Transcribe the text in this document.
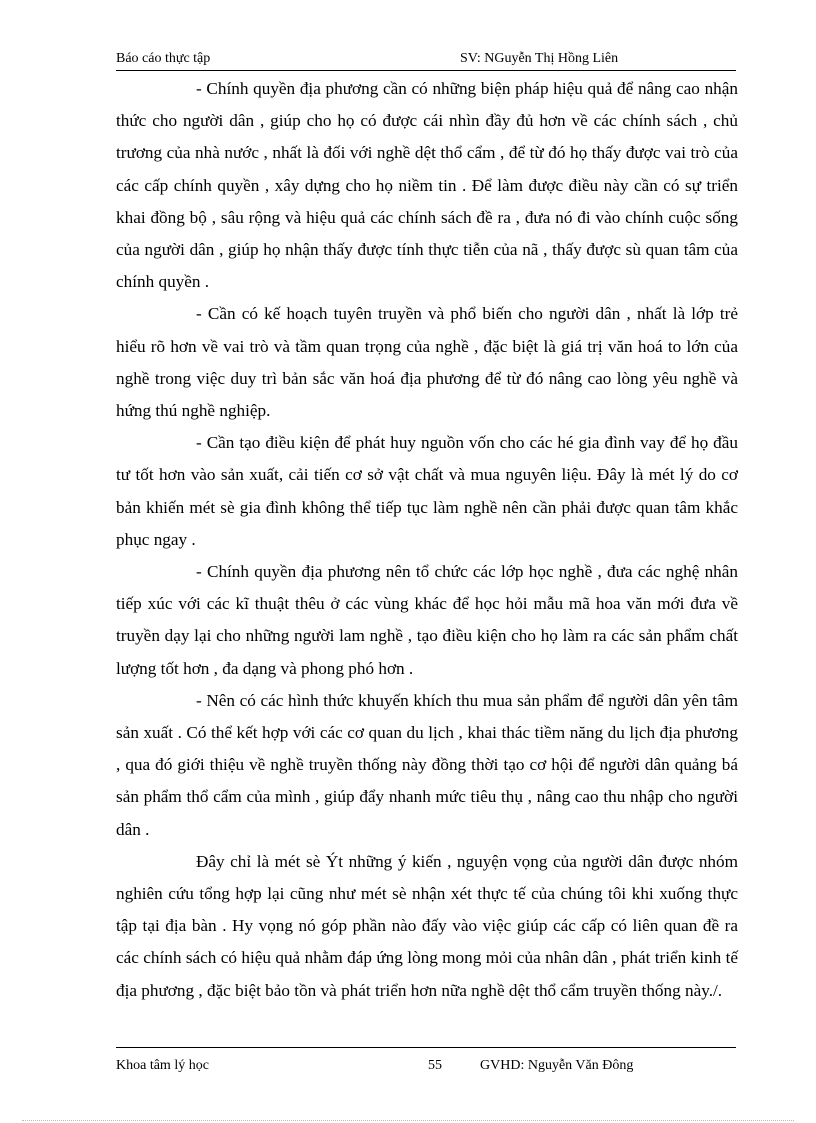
Báo cáo thực tập	SV: NGuyễn Thị Hồng Liên

- Chính quyền địa phương cần có những biện pháp hiệu quả để nâng cao nhận thức cho người dân , giúp cho họ có được cái nhìn đầy đủ hơn về các chính sách , chủ trương của nhà nước , nhất là đối với nghề dệt thổ cẩm , để từ đó họ thấy được vai trò của các cấp chính quyền , xây dựng cho họ niềm tin . Để làm được điều này cần có sự triển khai đồng bộ , sâu rộng và hiệu quả các chính sách đề ra , đưa nó đi vào chính cuộc sống của người dân , giúp họ nhận thấy được tính thực tiễn của nã , thấy được sù quan tâm của chính quyền .

- Cần có kế hoạch tuyên truyền và phổ biến cho người dân , nhất là lớp trẻ hiểu rõ hơn về vai trò và tầm quan trọng của nghề , đặc biệt là giá trị văn hoá to lớn của nghề trong việc duy trì bản sắc văn hoá địa phương để từ đó nâng cao lòng yêu nghề và hứng thú nghề nghiệp.

- Cần tạo điều kiện để phát huy nguồn vốn cho các hé gia đình vay để họ đầu tư tốt hơn vào sản xuất, cải tiến cơ sở vật chất và mua nguyên liệu. Đây là mét lý do cơ bản khiến mét sè gia đình không thể tiếp tục làm nghề nên cần phải được quan tâm khắc phục ngay .

- Chính quyền địa phương nên tổ chức các lớp học nghề , đưa các nghệ nhân tiếp xúc với các kĩ thuật thêu ở các vùng khác để học hỏi mẫu mã hoa văn mới đưa về truyền dạy lại cho những người lam nghề , tạo điều kiện cho họ làm ra các sản phẩm chất lượng tốt hơn , đa dạng và phong phó hơn .

- Nên có các hình thức khuyến khích thu mua sản phẩm để người dân yên tâm sản xuất . Có thể kết hợp với các cơ quan du lịch , khai thác tiềm năng du lịch địa phương , qua đó giới thiệu về nghề truyền thống này đồng thời tạo cơ hội để người dân quảng bá sản phẩm thổ cẩm của mình , giúp đẩy nhanh mức tiêu thụ , nâng cao thu nhập cho người dân .

Đây chỉ là mét sè Ýt những ý kiến , nguyện vọng của người dân được nhóm nghiên cứu tổng hợp lại cũng như mét sè nhận xét thực tế của chúng tôi khi xuống thực tập tại địa bàn . Hy vọng nó góp phần nào đấy vào việc giúp các cấp có liên quan đề ra các chính sách có hiệu quả nhằm đáp ứng lòng mong mỏi của nhân dân , phát triển kinh tế địa phương , đặc biệt bảo tồn và phát triển hơn nữa nghề dệt thổ cẩm truyền thống này./.

Khoa tâm lý học	55	GVHD: Nguyễn Văn Đông
